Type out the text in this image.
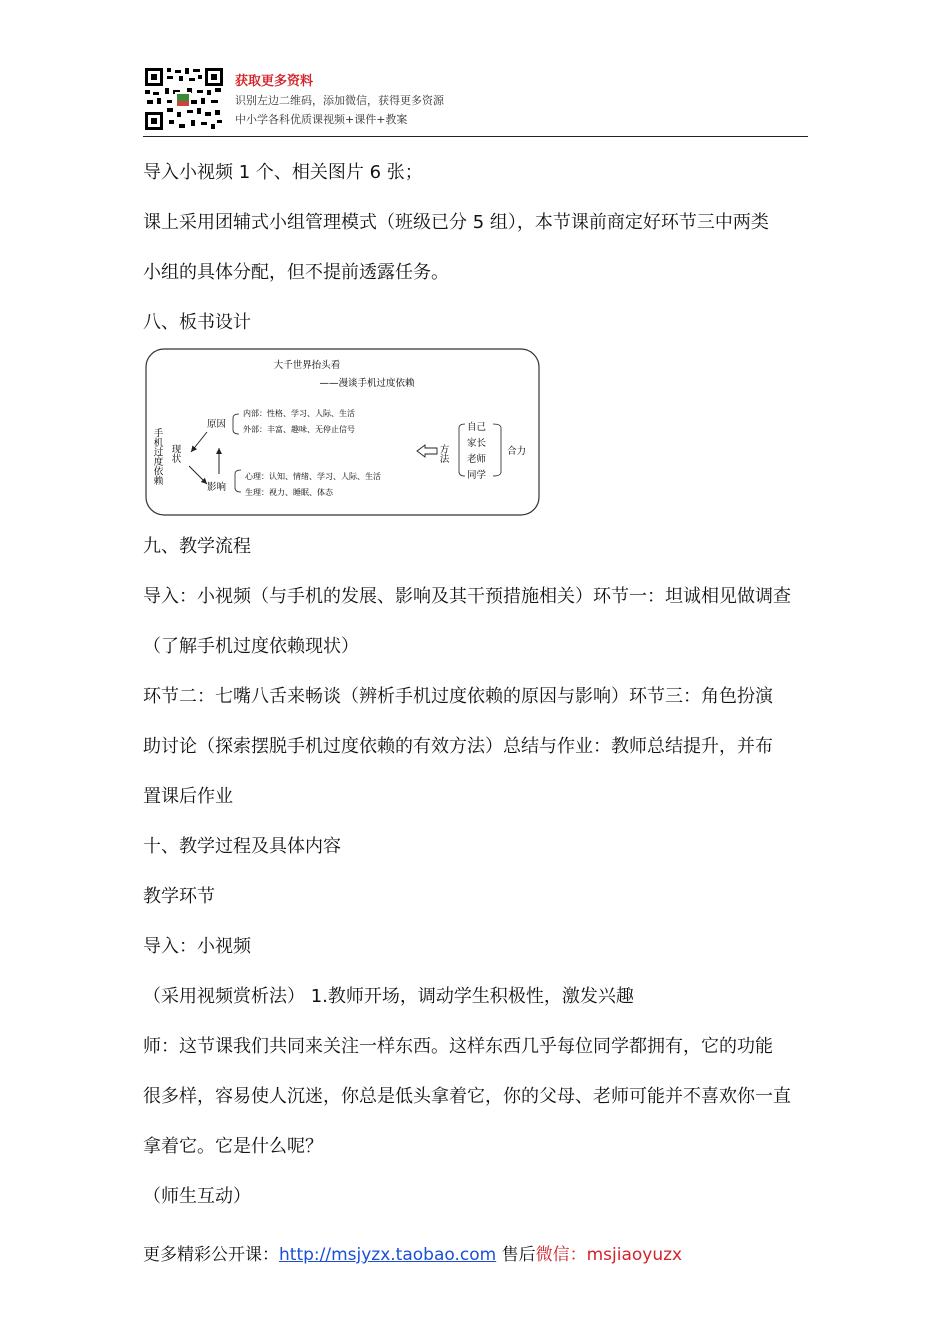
获取更多资料
识别左边二维码，添加微信，获得更多资源
中小学各科优质课视频+课件+教案
导入小视频 1 个、相关图片 6 张；
课上采用团辅式小组管理模式（班级已分 5 组），本节课前商定好环节三中两类
小组的具体分配，但不提前透露任务。
八、板书设计
大千世界抬头看
——漫谈手机过度依赖
手机过度依赖 现状
原因
内部：性格、学习、人际、生活
外部：丰富、趣味、无停止信号
影响
心理：认知、情绪、学习、人际、生活
生理：视力、睡眠、体态
方法
自己
家长
老师
同学
合力
九、教学流程
导入：小视频（与手机的发展、影响及其干预措施相关）环节一：坦诚相见做调查
（了解手机过度依赖现状）
环节二：七嘴八舌来畅谈（辨析手机过度依赖的原因与影响）环节三：角色扮演
助讨论（探索摆脱手机过度依赖的有效方法）总结与作业：教师总结提升，并布
置课后作业
十、教学过程及具体内容
教学环节
导入：小视频
（采用视频赏析法） 1.教师开场，调动学生积极性，激发兴趣
师：这节课我们共同来关注一样东西。这样东西几乎每位同学都拥有，它的功能
很多样，容易使人沉迷，你总是低头拿着它，你的父母、老师可能并不喜欢你一直
拿着它。它是什么呢？
（师生互动）
更多精彩公开课：http://msjyzx.taobao.com 售后微信：msjiaoyuzx
